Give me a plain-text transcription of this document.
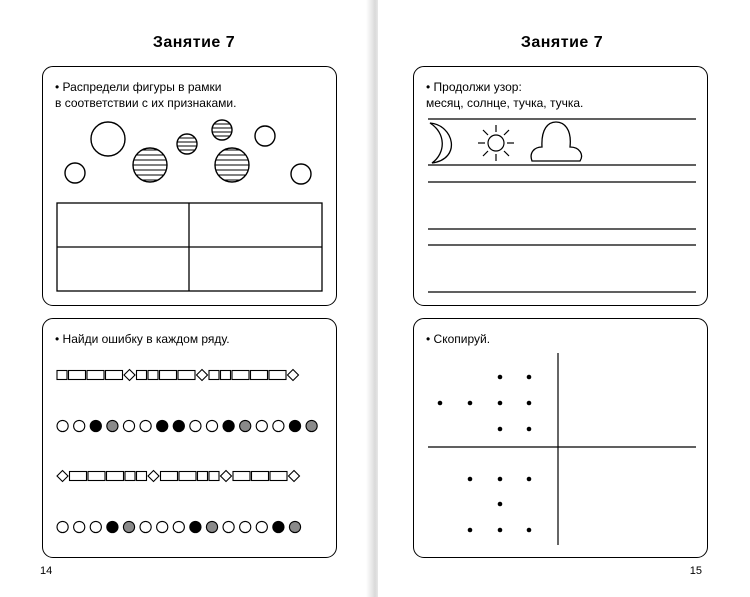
Занятие 7
• Распредели фигуры в рамки
в соответствии с их признаками.
• Найди ошибку в каждом ряду.
14
Занятие 7
• Продолжи узор:
месяц, солнце, тучка, тучка.
• Скопируй.
15
